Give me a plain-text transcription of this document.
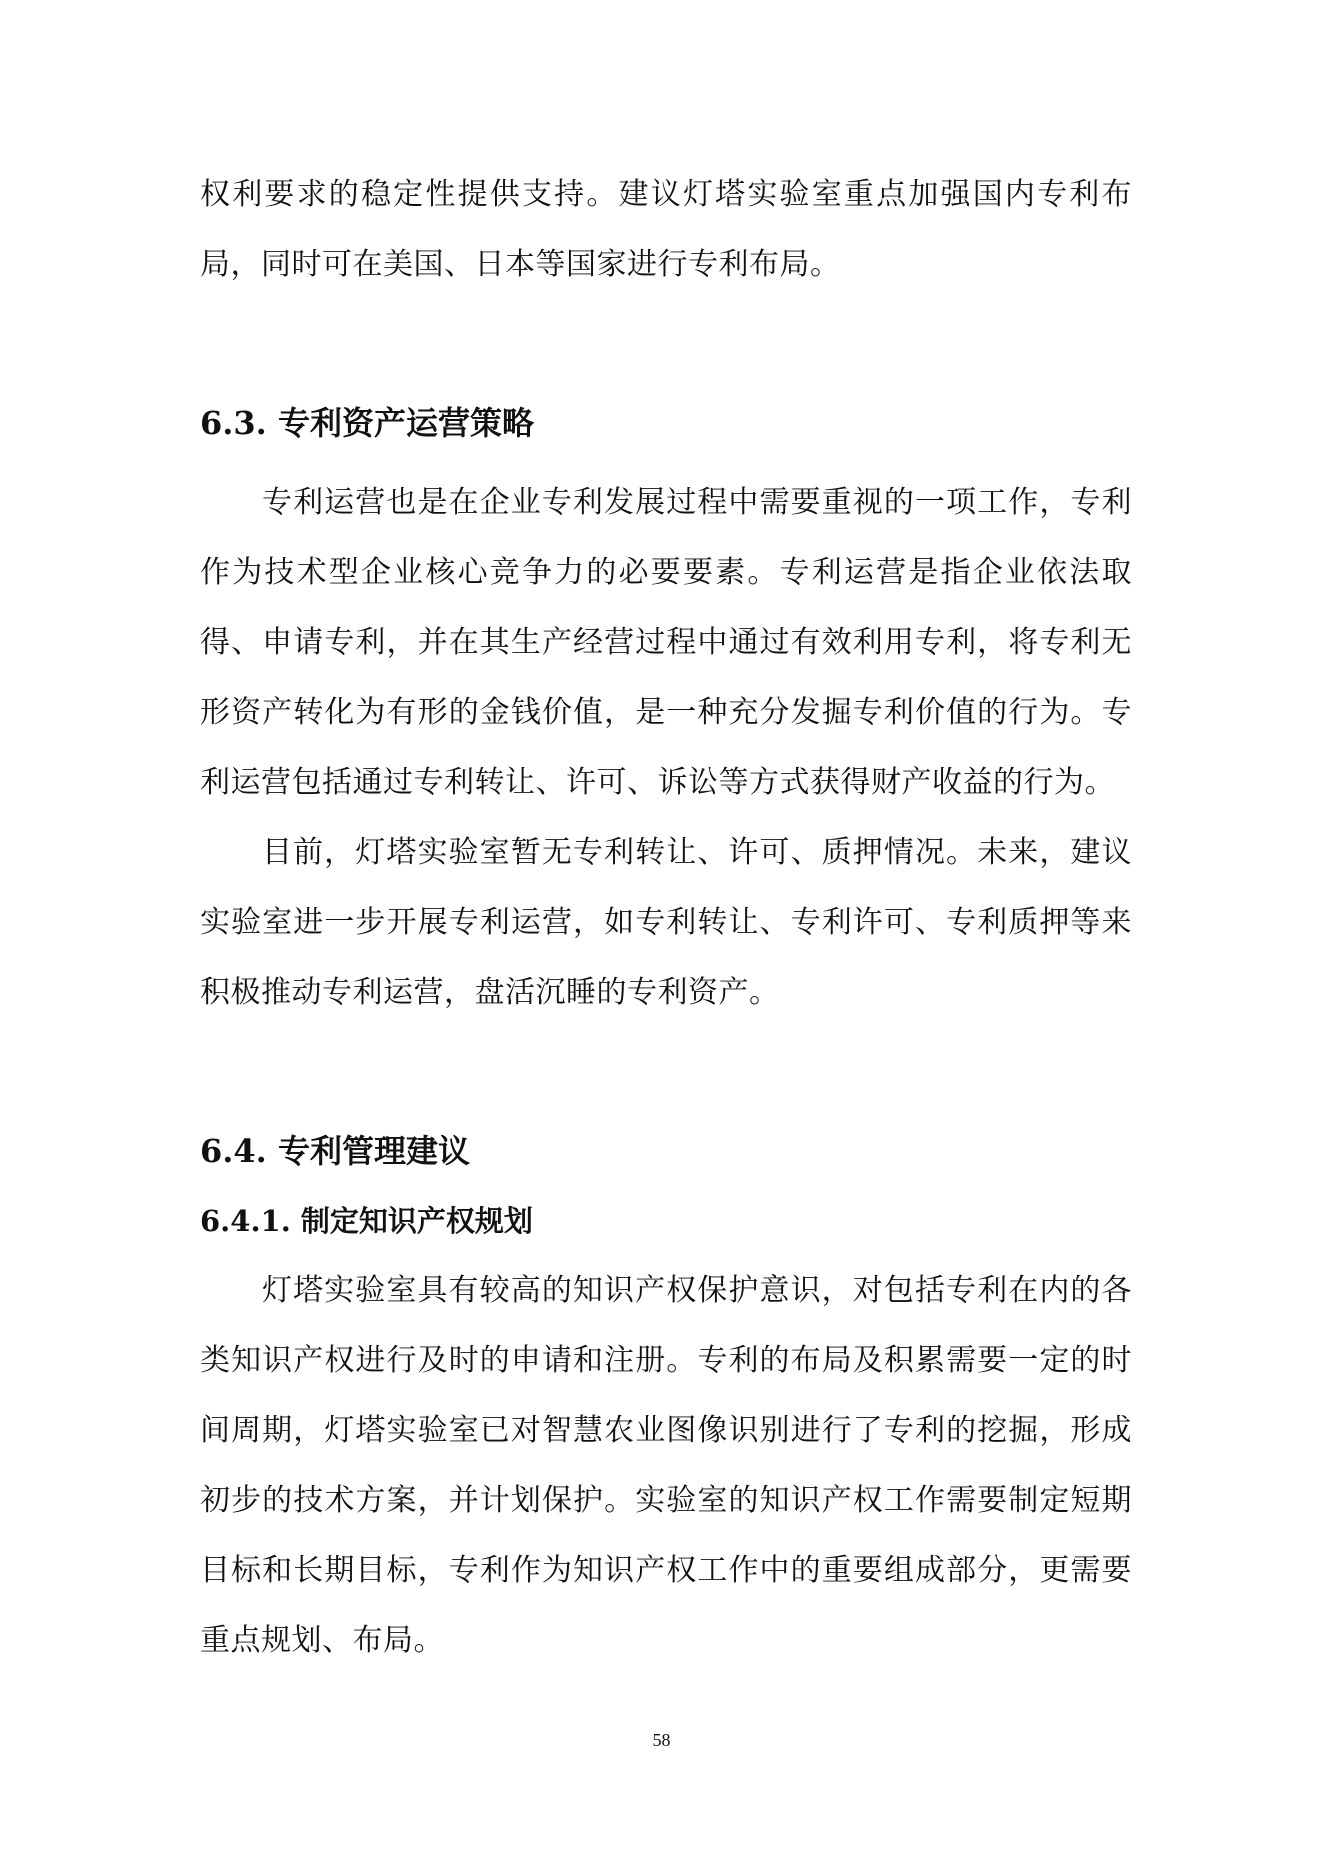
权利要求的稳定性提供支持。建议灯塔实验室重点加强国内专利布局，同时可在美国、日本等国家进行专利布局。

6.3. 专利资产运营策略

专利运营也是在企业专利发展过程中需要重视的一项工作，专利作为技术型企业核心竞争力的必要要素。专利运营是指企业依法取得、申请专利，并在其生产经营过程中通过有效利用专利，将专利无形资产转化为有形的金钱价值，是一种充分发掘专利价值的行为。专利运营包括通过专利转让、许可、诉讼等方式获得财产收益的行为。

目前，灯塔实验室暂无专利转让、许可、质押情况。未来，建议实验室进一步开展专利运营，如专利转让、专利许可、专利质押等来积极推动专利运营，盘活沉睡的专利资产。

6.4. 专利管理建议
6.4.1. 制定知识产权规划

灯塔实验室具有较高的知识产权保护意识，对包括专利在内的各类知识产权进行及时的申请和注册。专利的布局及积累需要一定的时间周期，灯塔实验室已对智慧农业图像识别进行了专利的挖掘，形成初步的技术方案，并计划保护。实验室的知识产权工作需要制定短期目标和长期目标，专利作为知识产权工作中的重要组成部分，更需要重点规划、布局。

58
